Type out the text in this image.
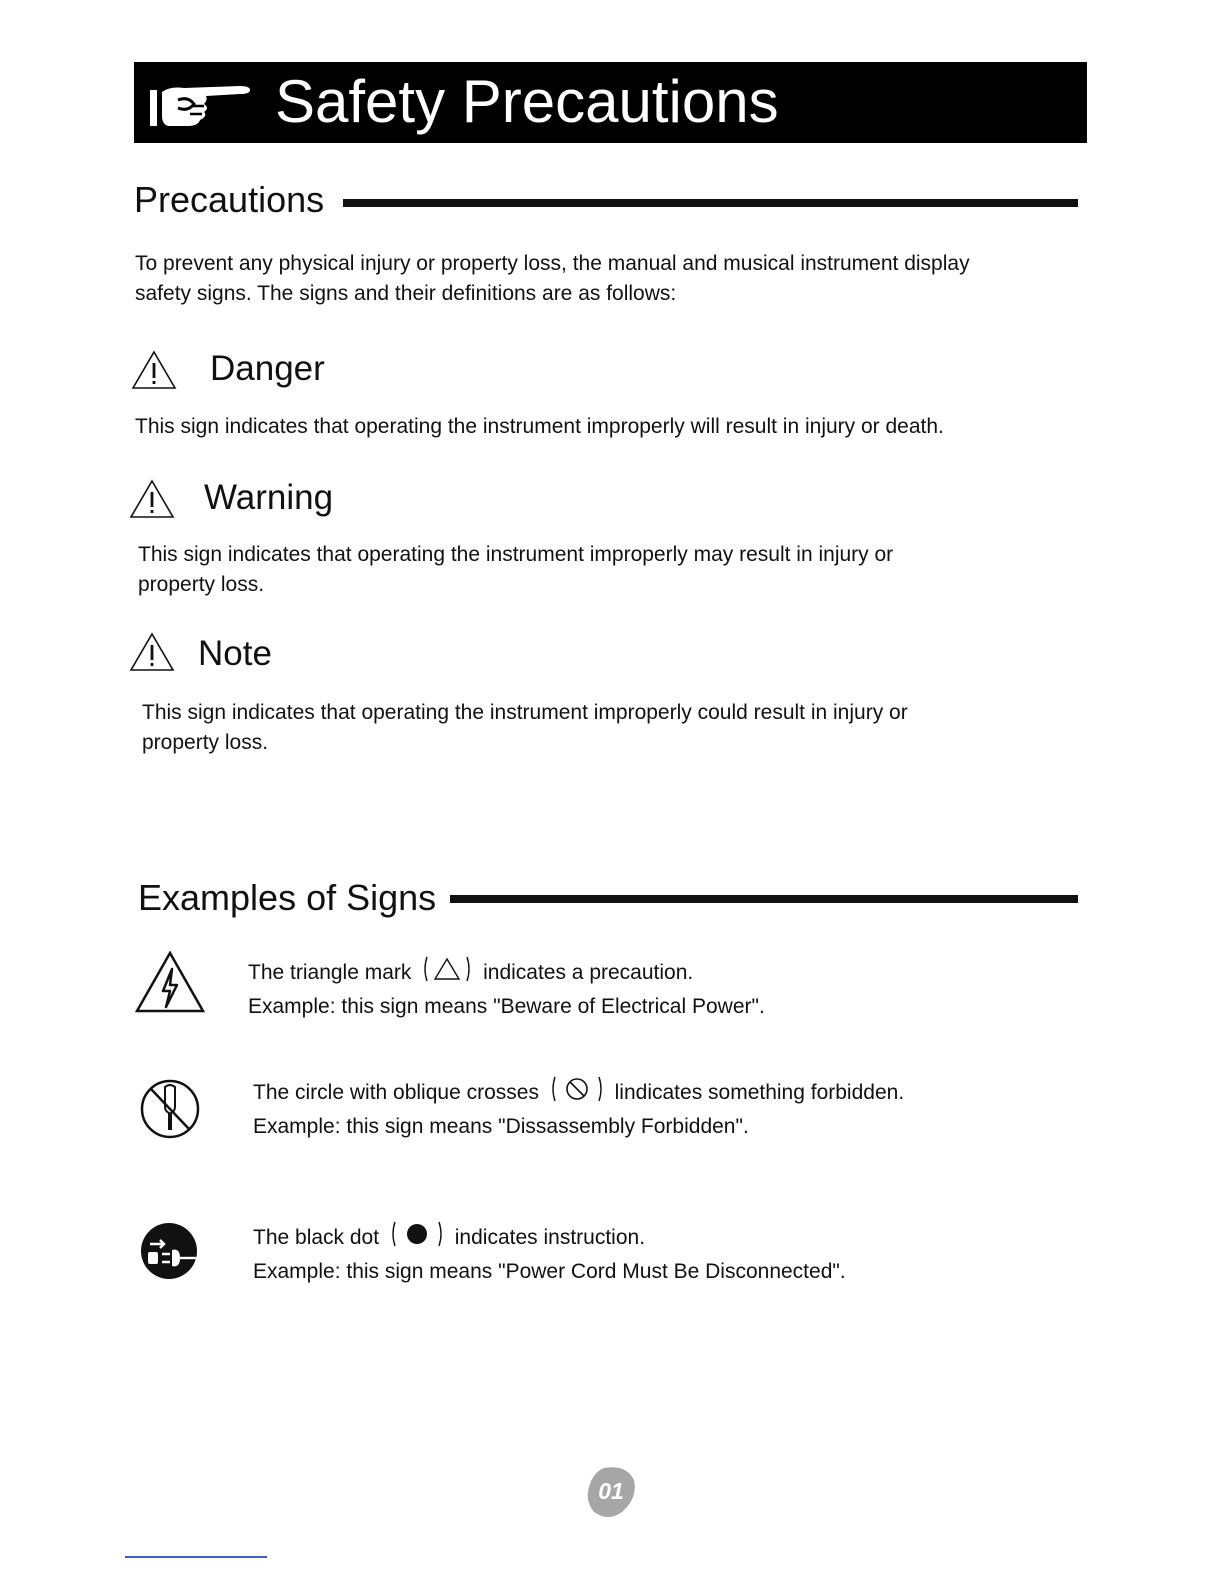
Safety Precautions
Precautions
To prevent any physical injury or property loss, the manual and musical instrument display
safety signs. The signs and their definitions are as follows:
Danger
This sign indicates that operating the instrument improperly will result in injury or death.
Warning
This sign indicates that operating the instrument improperly may result in injury or
property loss.
Note
This sign indicates that operating the instrument improperly could result in injury or
property loss.
Examples of Signs
The triangle mark	indicates a precaution.
Example: this sign means "Beware of Electrical Power".
The circle with oblique crosses	lindicates something forbidden.
Example: this sign means "Dissassembly Forbidden".
The black dot	indicates instruction.
Example: this sign means "Power Cord Must Be Disconnected".
01
